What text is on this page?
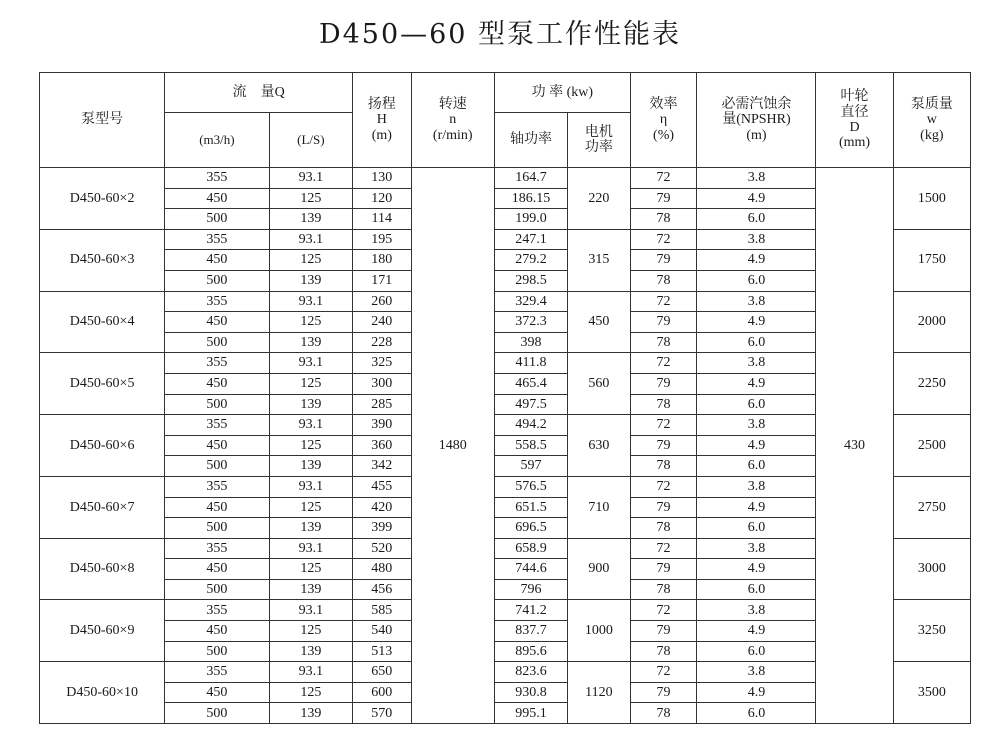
D450—60 型泵工作性能表
泵型号	流　量Q		扬程
H
(m)	转速
n
(r/min)	功 率 (kw)		效率
η
(%)	必需汽蚀余
量(NPSHR)
(m)	叶轮
直径
D
(mm)	泵质量
w
(kg)

	(m3/h)	(L/S)			轴功率	电机
功率				

D450-60×2	355	93.1	130	1480	164.7	220	72	3.8	430	1500
	450	125	120		186.15		79	4.9		
	500	139	114		199.0		78	6.0		
D450-60×3	355	93.1	195		247.1	315	72	3.8		1750
	450	125	180		279.2		79	4.9		
	500	139	171		298.5		78	6.0		
D450-60×4	355	93.1	260		329.4	450	72	3.8		2000
	450	125	240		372.3		79	4.9		
	500	139	228		398		78	6.0		
D450-60×5	355	93.1	325		411.8	560	72	3.8		2250
	450	125	300		465.4		79	4.9		
	500	139	285		497.5		78	6.0		
D450-60×6	355	93.1	390		494.2	630	72	3.8		2500
	450	125	360		558.5		79	4.9		
	500	139	342		597		78	6.0		
D450-60×7	355	93.1	455		576.5	710	72	3.8		2750
	450	125	420		651.5		79	4.9		
	500	139	399		696.5		78	6.0		
D450-60×8	355	93.1	520		658.9	900	72	3.8		3000
	450	125	480		744.6		79	4.9		
	500	139	456		796		78	6.0		
D450-60×9	355	93.1	585		741.2	1000	72	3.8		3250
	450	125	540		837.7		79	4.9		
	500	139	513		895.6		78	6.0		
D450-60×10	355	93.1	650		823.6	1120	72	3.8		3500
	450	125	600		930.8		79	4.9		
	500	139	570		995.1		78	6.0		
